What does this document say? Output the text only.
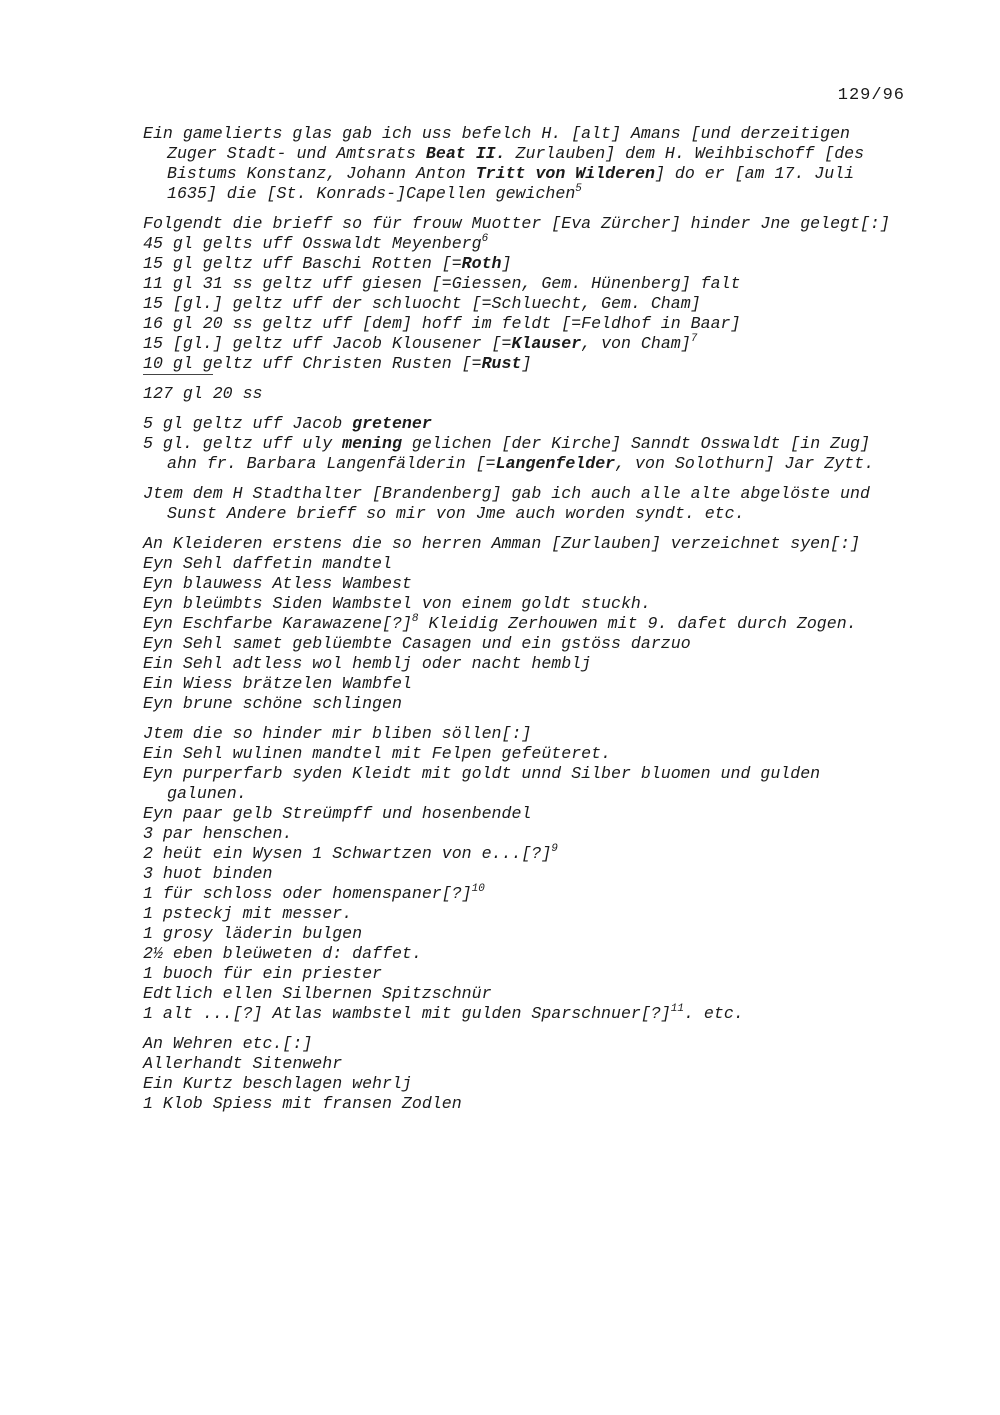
129/96

Ein gamelierts glas gab ich uss befelch H. [alt] Amans [und derzeitigen Zuger Stadt- und Amtsrats Beat II. Zurlauben] dem H. Weihbischoff [des Bistums Konstanz, Johann Anton Tritt von Wilderen] do er [am 17. Juli 1635] die [St. Konrads-]Capellen gewichen$^5$

Folgendt die brieff so für frouw Muotter [Eva Zürcher] hinder Jne gelegt[:]

45 gl gelts uff Osswaldt Meyenberg$^6$

15 gl geltz uff Baschi Rotten [=Roth]

11 gl 31 ss geltz uff giesen [=Giessen, Gem. Hünenberg] falt

15 [gl.] geltz uff der schluocht [=Schluecht, Gem. Cham]

16 gl 20 ss geltz uff [dem] hoff im feldt [=Feldhof in Baar]

15 [gl.] geltz uff Jacob Klousener [=Klauser, von Cham]$^7$

10 gl geltz uff Christen Rusten [=Rust]

127 gl 20 ss

5 gl geltz uff Jacob gretener

5 gl. geltz uff uly mening gelichen [der Kirche] Sanndt Osswaldt [in Zug] ahn fr. Barbara Langenfälderin [=Langenfelder, von Solothurn] Jar Zytt.

Jtem dem H Stadthalter [Brandenberg] gab ich auch alle alte abgelöste und Sunst Andere brieff so mir von Jme auch worden syndt. etc.

An Kleideren erstens die so herren Amman [Zurlauben] verzeichnet syen[:]

Eyn Sehl daffetin mandtel

Eyn blauwess Atless Wambest

Eyn bleümbts Siden Wambstel von einem goldt stuckh.

Eyn Eschfarbe Karawazene[?]$^8$ Kleidig Zerhouwen mit 9. dafet durch Zogen.

Eyn Sehl samet geblüembte Casagen und ein gstöss darzuo

Ein Sehl adtless wol hemblj oder nacht hemblj

Ein Wiess brätzelen Wambfel

Eyn brune schöne schlingen

Jtem die so hinder mir bliben söllen[:]

Ein Sehl wulinen mandtel mit Felpen gefeüteret.

Eyn purperfarb syden Kleidt mit goldt unnd Silber bluomen und gulden galunen.

Eyn paar gelb Streümpff und hosenbendel

3 par henschen.

2 heüt ein Wysen 1 Schwartzen von e...[?]$^9$

3 huot binden

1 für schloss oder homenspaner[?]$^{10}$

1 psteckj mit messer.

1 grosy läderin bulgen

2½ eben bleüweten d: daffet.

1 buoch für ein priester

Edtlich ellen Silbernen Spitzschnür

1 alt ...[?] Atlas wambstel mit gulden Sparschnuer[?]$^{11}$. etc.

An Wehren etc.[:]

Allerhandt Sitenwehr

Ein Kurtz beschlagen wehrlj

1 Klob Spiess mit fransen Zodlen
